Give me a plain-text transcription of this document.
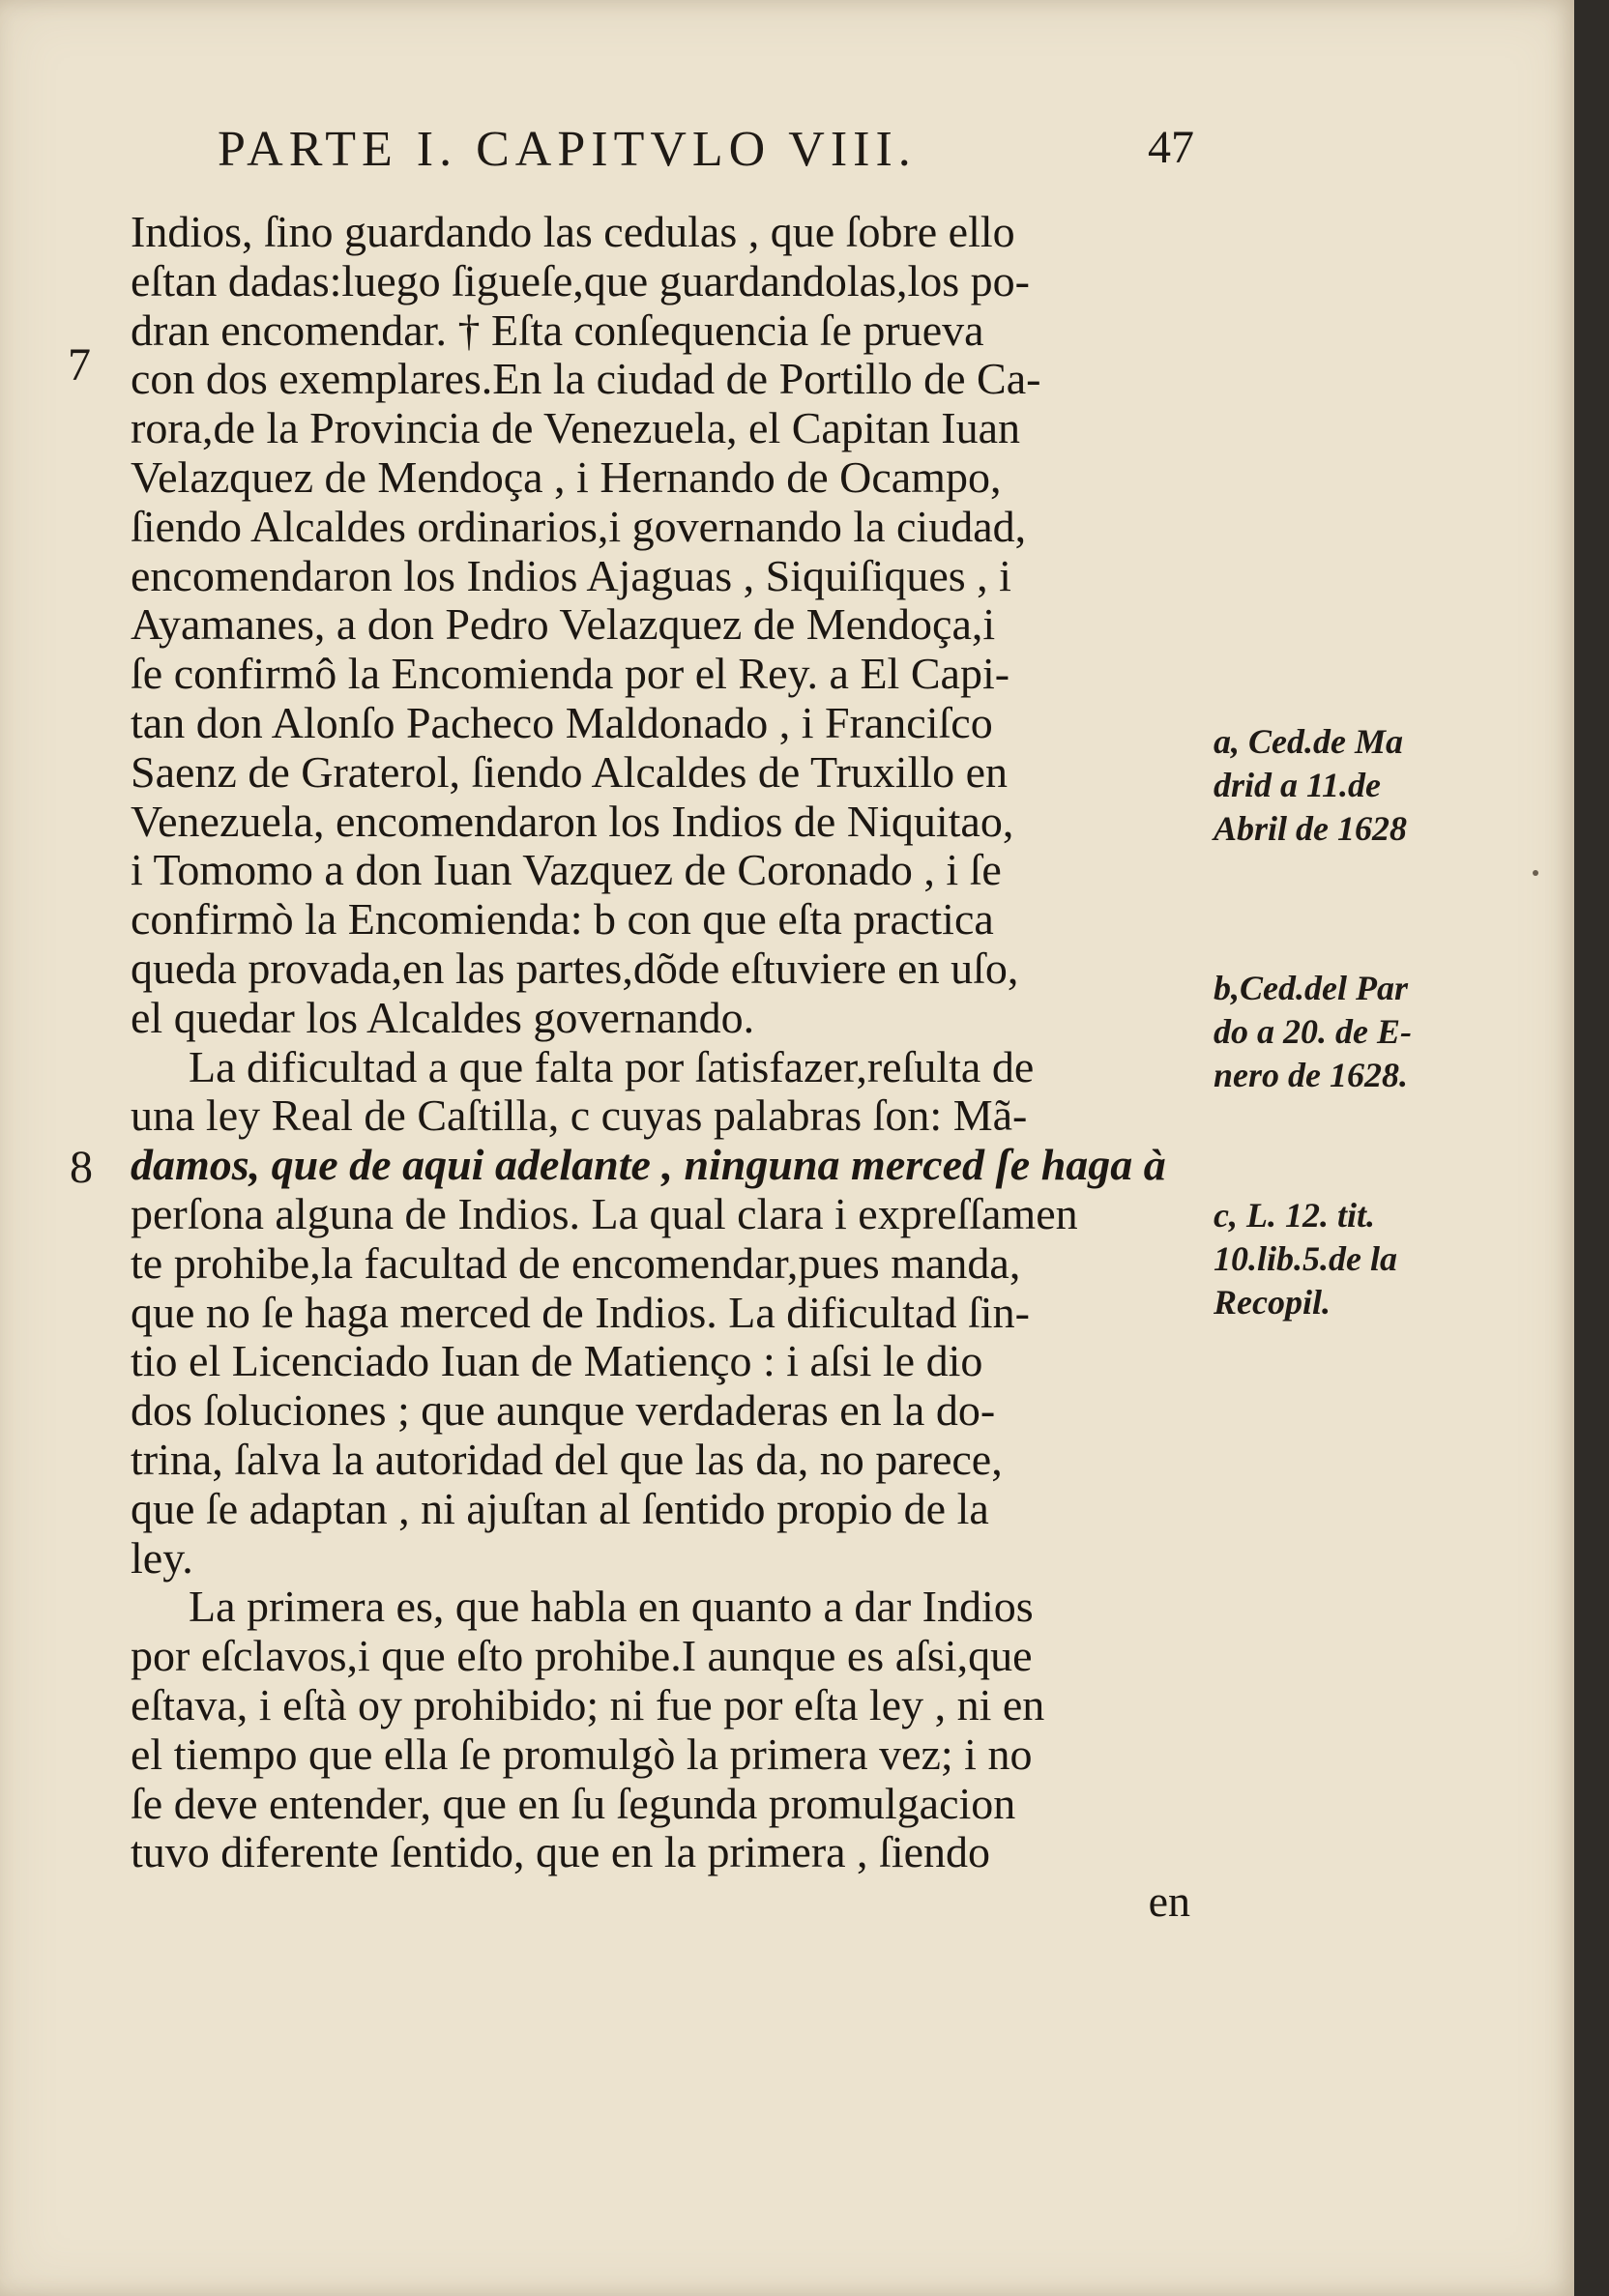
PARTE I. CAPITVLO VIII.	47
7
8
Indios, ſino guardando las cedulas , que ſobre ello
eſtan dadas:luego ſigueſe,que guardandolas,los po-
dran encomendar. † Eſta conſequencia ſe prueva
con dos exemplares.En la ciudad de Portillo de Ca-
rora,de la Provincia de Venezuela, el Capitan Iuan
Velazquez de Mendoça , i Hernando de Ocampo,
ſiendo Alcaldes ordinarios,i governando la ciudad,
encomendaron los Indios Ajaguas , Siquiſiques , i
Ayamanes, a don Pedro Velazquez de Mendoça,i
ſe confirmô la Encomienda por el Rey. a El Capi-
tan don Alonſo Pacheco Maldonado , i Franciſco
Saenz de Graterol, ſiendo Alcaldes de Truxillo en
Venezuela, encomendaron los Indios de Niquitao,
i Tomomo a don Iuan Vazquez de Coronado , i ſe
confirmò la Encomienda: b con que eſta practica
queda provada,en las partes,dõde eſtuviere en uſo,
el quedar los Alcaldes governando.
La dificultad a que falta por ſatisfazer,reſulta de
una ley Real de Caſtilla, c cuyas palabras ſon: Mã-
damos, que de aqui adelante , ninguna merced ſe haga à
perſona alguna de Indios. La qual clara i expreſſamen
te prohibe,la facultad de encomendar,pues manda,
que no ſe haga merced de Indios. La dificultad ſin-
tio el Licenciado Iuan de Matienço : i aſsi le dio
dos ſoluciones ; que aunque verdaderas en la do-
trina, ſalva la autoridad del que las da, no parece,
que ſe adaptan , ni ajuſtan al ſentido propio de la
ley.
La primera es, que habla en quanto a dar Indios
por eſclavos,i que eſto prohibe.I aunque es aſsi,que
eſtava, i eſtà oy prohibido; ni fue por eſta ley , ni en
el tiempo que ella ſe promulgò la primera vez; i no
ſe deve entender, que en ſu ſegunda promulgacion
tuvo diferente ſentido, que en la primera , ſiendo
en
a, Ced.de Ma
drid a 11.de
Abril de 1628
b,Ced.del Par
do a 20. de E-
nero de 1628.
c, L. 12. tit.
10.lib.5.de la
Recopil.
